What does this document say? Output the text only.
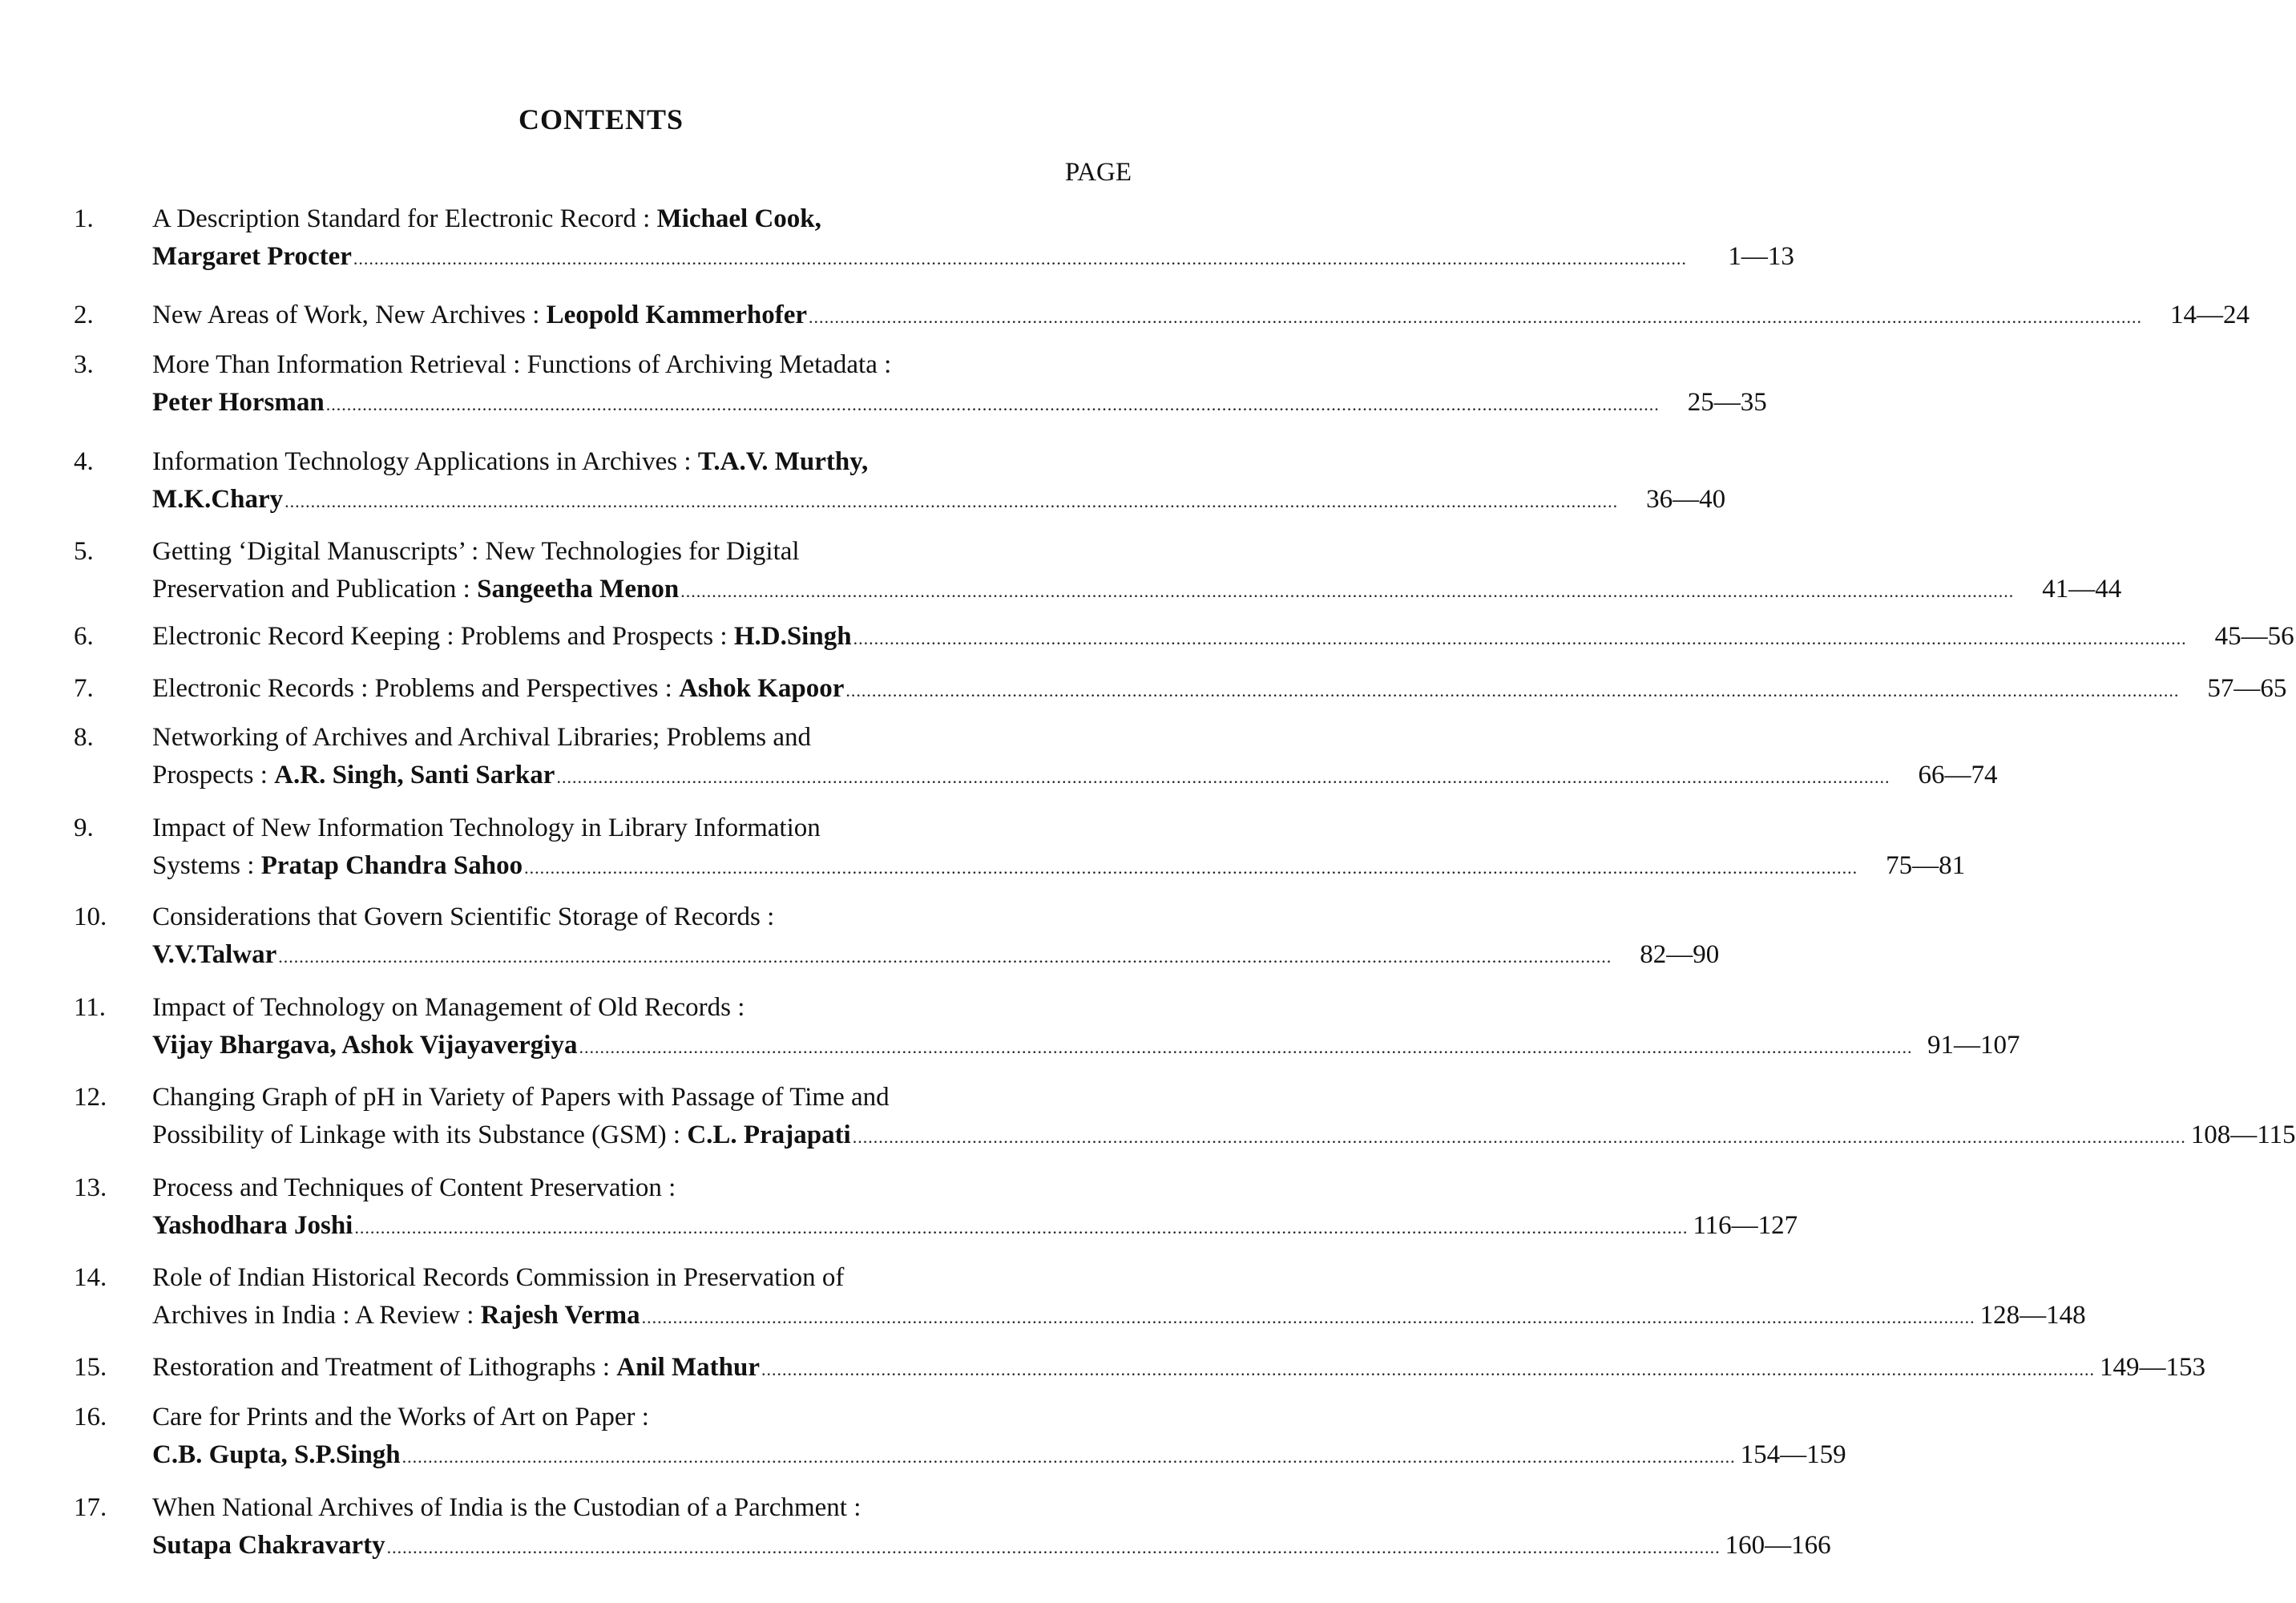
CONTENTS
PAGE
1. A Description Standard for Electronic Record : Michael Cook,
Margaret Procter ................................................................................................................................................................................................................................................................	1—13
2. New Areas of Work, New Archives : Leopold Kammerhofer ................................................................................................................................................................................................................................................................	14—24
3. More Than Information Retrieval : Functions of Archiving Metadata :
Peter Horsman ................................................................................................................................................................................................................................................................	25—35
4. Information Technology Applications in Archives : T.A.V. Murthy,
M.K.Chary ................................................................................................................................................................................................................................................................	36—40
5. Getting ‘Digital Manuscripts’ : New Technologies for Digital
Preservation and Publication : Sangeetha Menon ................................................................................................................................................................................................................................................................	41—44
6. Electronic Record Keeping : Problems and Prospects : H.D.Singh ................................................................................................................................................................................................................................................................	45—56
7. Electronic Records : Problems and Perspectives : Ashok Kapoor ................................................................................................................................................................................................................................................................	57—65
8. Networking of Archives and Archival Libraries; Problems and
Prospects : A.R. Singh, Santi Sarkar ................................................................................................................................................................................................................................................................	66—74
9. Impact of New Information Technology in Library Information
Systems : Pratap Chandra Sahoo ................................................................................................................................................................................................................................................................	75—81
10. Considerations that Govern Scientific Storage of Records :
V.V.Talwar ................................................................................................................................................................................................................................................................	82—90
11. Impact of Technology on Management of Old Records :
Vijay Bhargava, Ashok Vijayavergiya ................................................................................................................................................................................................................................................................ 91—107
12. Changing Graph of pH in Variety of Papers with Passage of Time and
Possibility of Linkage with its Substance (GSM) : C.L. Prajapati ................................................................................................................................................................................................................................................................ 108—115
13. Process and Techniques of Content Preservation :
Yashodhara Joshi ................................................................................................................................................................................................................................................................ 116—127
14. Role of Indian Historical Records Commission in Preservation of
Archives in India : A Review : Rajesh Verma ................................................................................................................................................................................................................................................................ 128—148
15. Restoration and Treatment of Lithographs : Anil Mathur ................................................................................................................................................................................................................................................................ 149—153
16. Care for Prints and the Works of Art on Paper :
C.B. Gupta, S.P.Singh ................................................................................................................................................................................................................................................................ 154—159
17. When National Archives of India is the Custodian of a Parchment :
Sutapa Chakravarty ................................................................................................................................................................................................................................................................ 160—166
